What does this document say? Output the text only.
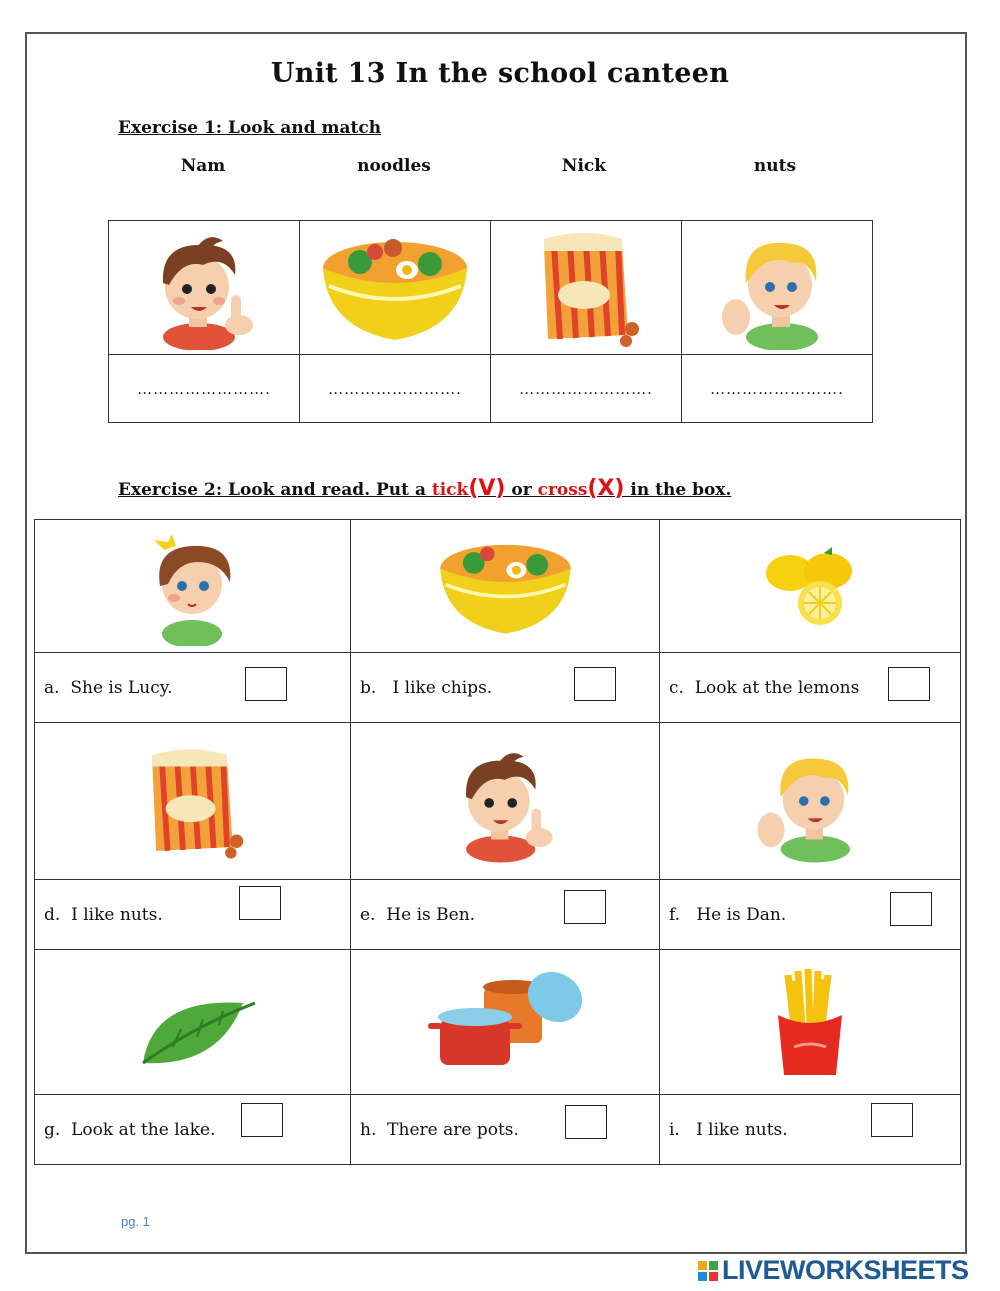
Unit 13 In the school canteen
Exercise 1: Look and match
Nam	noodles	Nick	nuts

…………………….	…………………….	…………………….	…………………….
Exercise 2: Look and read. Put a tick(V) or cross(X) in the box.

a. She is Lucy.	b. I like chips.	c. Look at the lemons

d. I like nuts.	e. He is Ben.	f. He is Dan.

g. Look at the lake.	h. There are pots.	i. I like nuts.
pg. 1
LIVEWORKSHEETS
